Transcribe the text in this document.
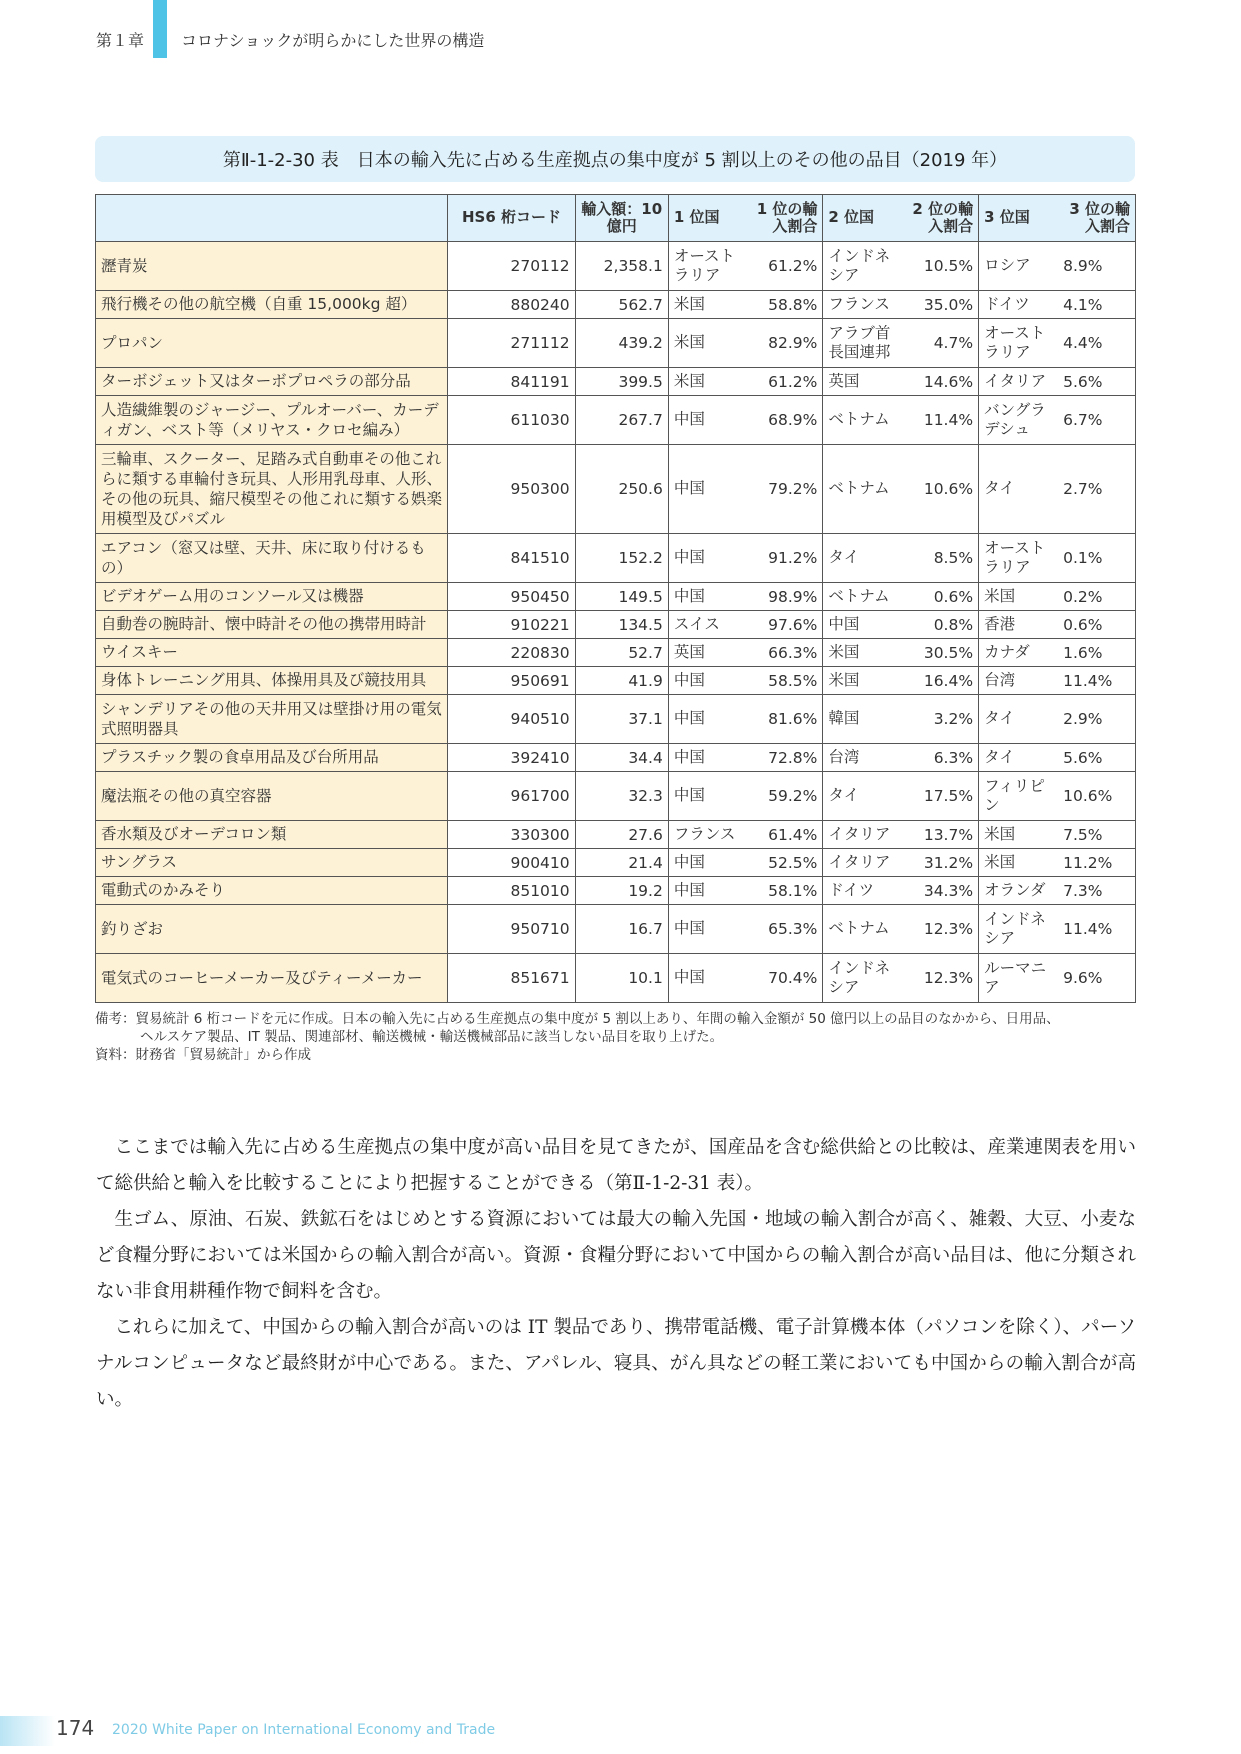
第１章 コロナショックが明らかにした世界の構造
第Ⅱ-1-2-30 表　日本の輸入先に占める生産拠点の集中度が 5 割以上のその他の品目（2019 年）
	HS6 桁コード	輸入額：10 億円	1 位国	1 位の輸入割合	2 位国	2 位の輸入割合	3 位国	3 位の輸入割合
瀝青炭	270112	2,358.1	オーストラリア	61.2%	インドネシア	10.5%	ロシア	8.9%
飛行機その他の航空機（自重 15,000kg 超）	880240	562.7	米国	58.8%	フランス	35.0%	ドイツ	4.1%
プロパン	271112	439.2	米国	82.9%	アラブ首長国連邦	4.7%	オーストラリア	4.4%
ターボジェット又はターボプロペラの部分品	841191	399.5	米国	61.2%	英国	14.6%	イタリア	5.6%
人造繊維製のジャージー、プルオーバー、カーディガン、ベスト等（メリヤス・クロセ編み）	611030	267.7	中国	68.9%	ベトナム	11.4%	バングラデシュ	6.7%
三輪車、スクーター、足踏み式自動車その他これらに類する車輪付き玩具、人形用乳母車、人形、その他の玩具、縮尺模型その他これに類する娯楽用模型及びパズル	950300	250.6	中国	79.2%	ベトナム	10.6%	タイ	2.7%
エアコン（窓又は壁、天井、床に取り付けるもの）	841510	152.2	中国	91.2%	タイ	8.5%	オーストラリア	0.1%
ビデオゲーム用のコンソール又は機器	950450	149.5	中国	98.9%	ベトナム	0.6%	米国	0.2%
自動巻の腕時計、懐中時計その他の携帯用時計	910221	134.5	スイス	97.6%	中国	0.8%	香港	0.6%
ウイスキー	220830	52.7	英国	66.3%	米国	30.5%	カナダ	1.6%
身体トレーニング用具、体操用具及び競技用具	950691	41.9	中国	58.5%	米国	16.4%	台湾	11.4%
シャンデリアその他の天井用又は壁掛け用の電気式照明器具	940510	37.1	中国	81.6%	韓国	3.2%	タイ	2.9%
プラスチック製の食卓用品及び台所用品	392410	34.4	中国	72.8%	台湾	6.3%	タイ	5.6%
魔法瓶その他の真空容器	961700	32.3	中国	59.2%	タイ	17.5%	フィリピン	10.6%
香水類及びオーデコロン類	330300	27.6	フランス	61.4%	イタリア	13.7%	米国	7.5%
サングラス	900410	21.4	中国	52.5%	イタリア	31.2%	米国	11.2%
電動式のかみそり	851010	19.2	中国	58.1%	ドイツ	34.3%	オランダ	7.3%
釣りざお	950710	16.7	中国	65.3%	ベトナム	12.3%	インドネシア	11.4%
電気式のコーヒーメーカー及びティーメーカー	851671	10.1	中国	70.4%	インドネシア	12.3%	ルーマニア	9.6%
備考：貿易統計 6 桁コードを元に作成。日本の輸入先に占める生産拠点の集中度が 5 割以上あり、年間の輸入金額が 50 億円以上の品目のなかから、日用品、
ヘルスケア製品、IT 製品、関連部材、輸送機械・輸送機械部品に該当しない品目を取り上げた。
資料：財務省「貿易統計」から作成

ここまでは輸入先に占める生産拠点の集中度が高い品目を見てきたが、国産品を含む総供給との比較は、産業連関表を用いて総供給と輸入を比較することにより把握することができる（第Ⅱ-1-2-31 表）。

生ゴム、原油、石炭、鉄鉱石をはじめとする資源においては最大の輸入先国・地域の輸入割合が高く、雑穀、大豆、小麦など食糧分野においては米国からの輸入割合が高い。資源・食糧分野において中国からの輸入割合が高い品目は、他に分類されない非食用耕種作物で飼料を含む。

これらに加えて、中国からの輸入割合が高いのは IT 製品であり、携帯電話機、電子計算機本体（パソコンを除く）、パーソナルコンピュータなど最終財が中心である。また、アパレル、寝具、がん具などの軽工業においても中国からの輸入割合が高い。

174 2020 White Paper on International Economy and Trade
